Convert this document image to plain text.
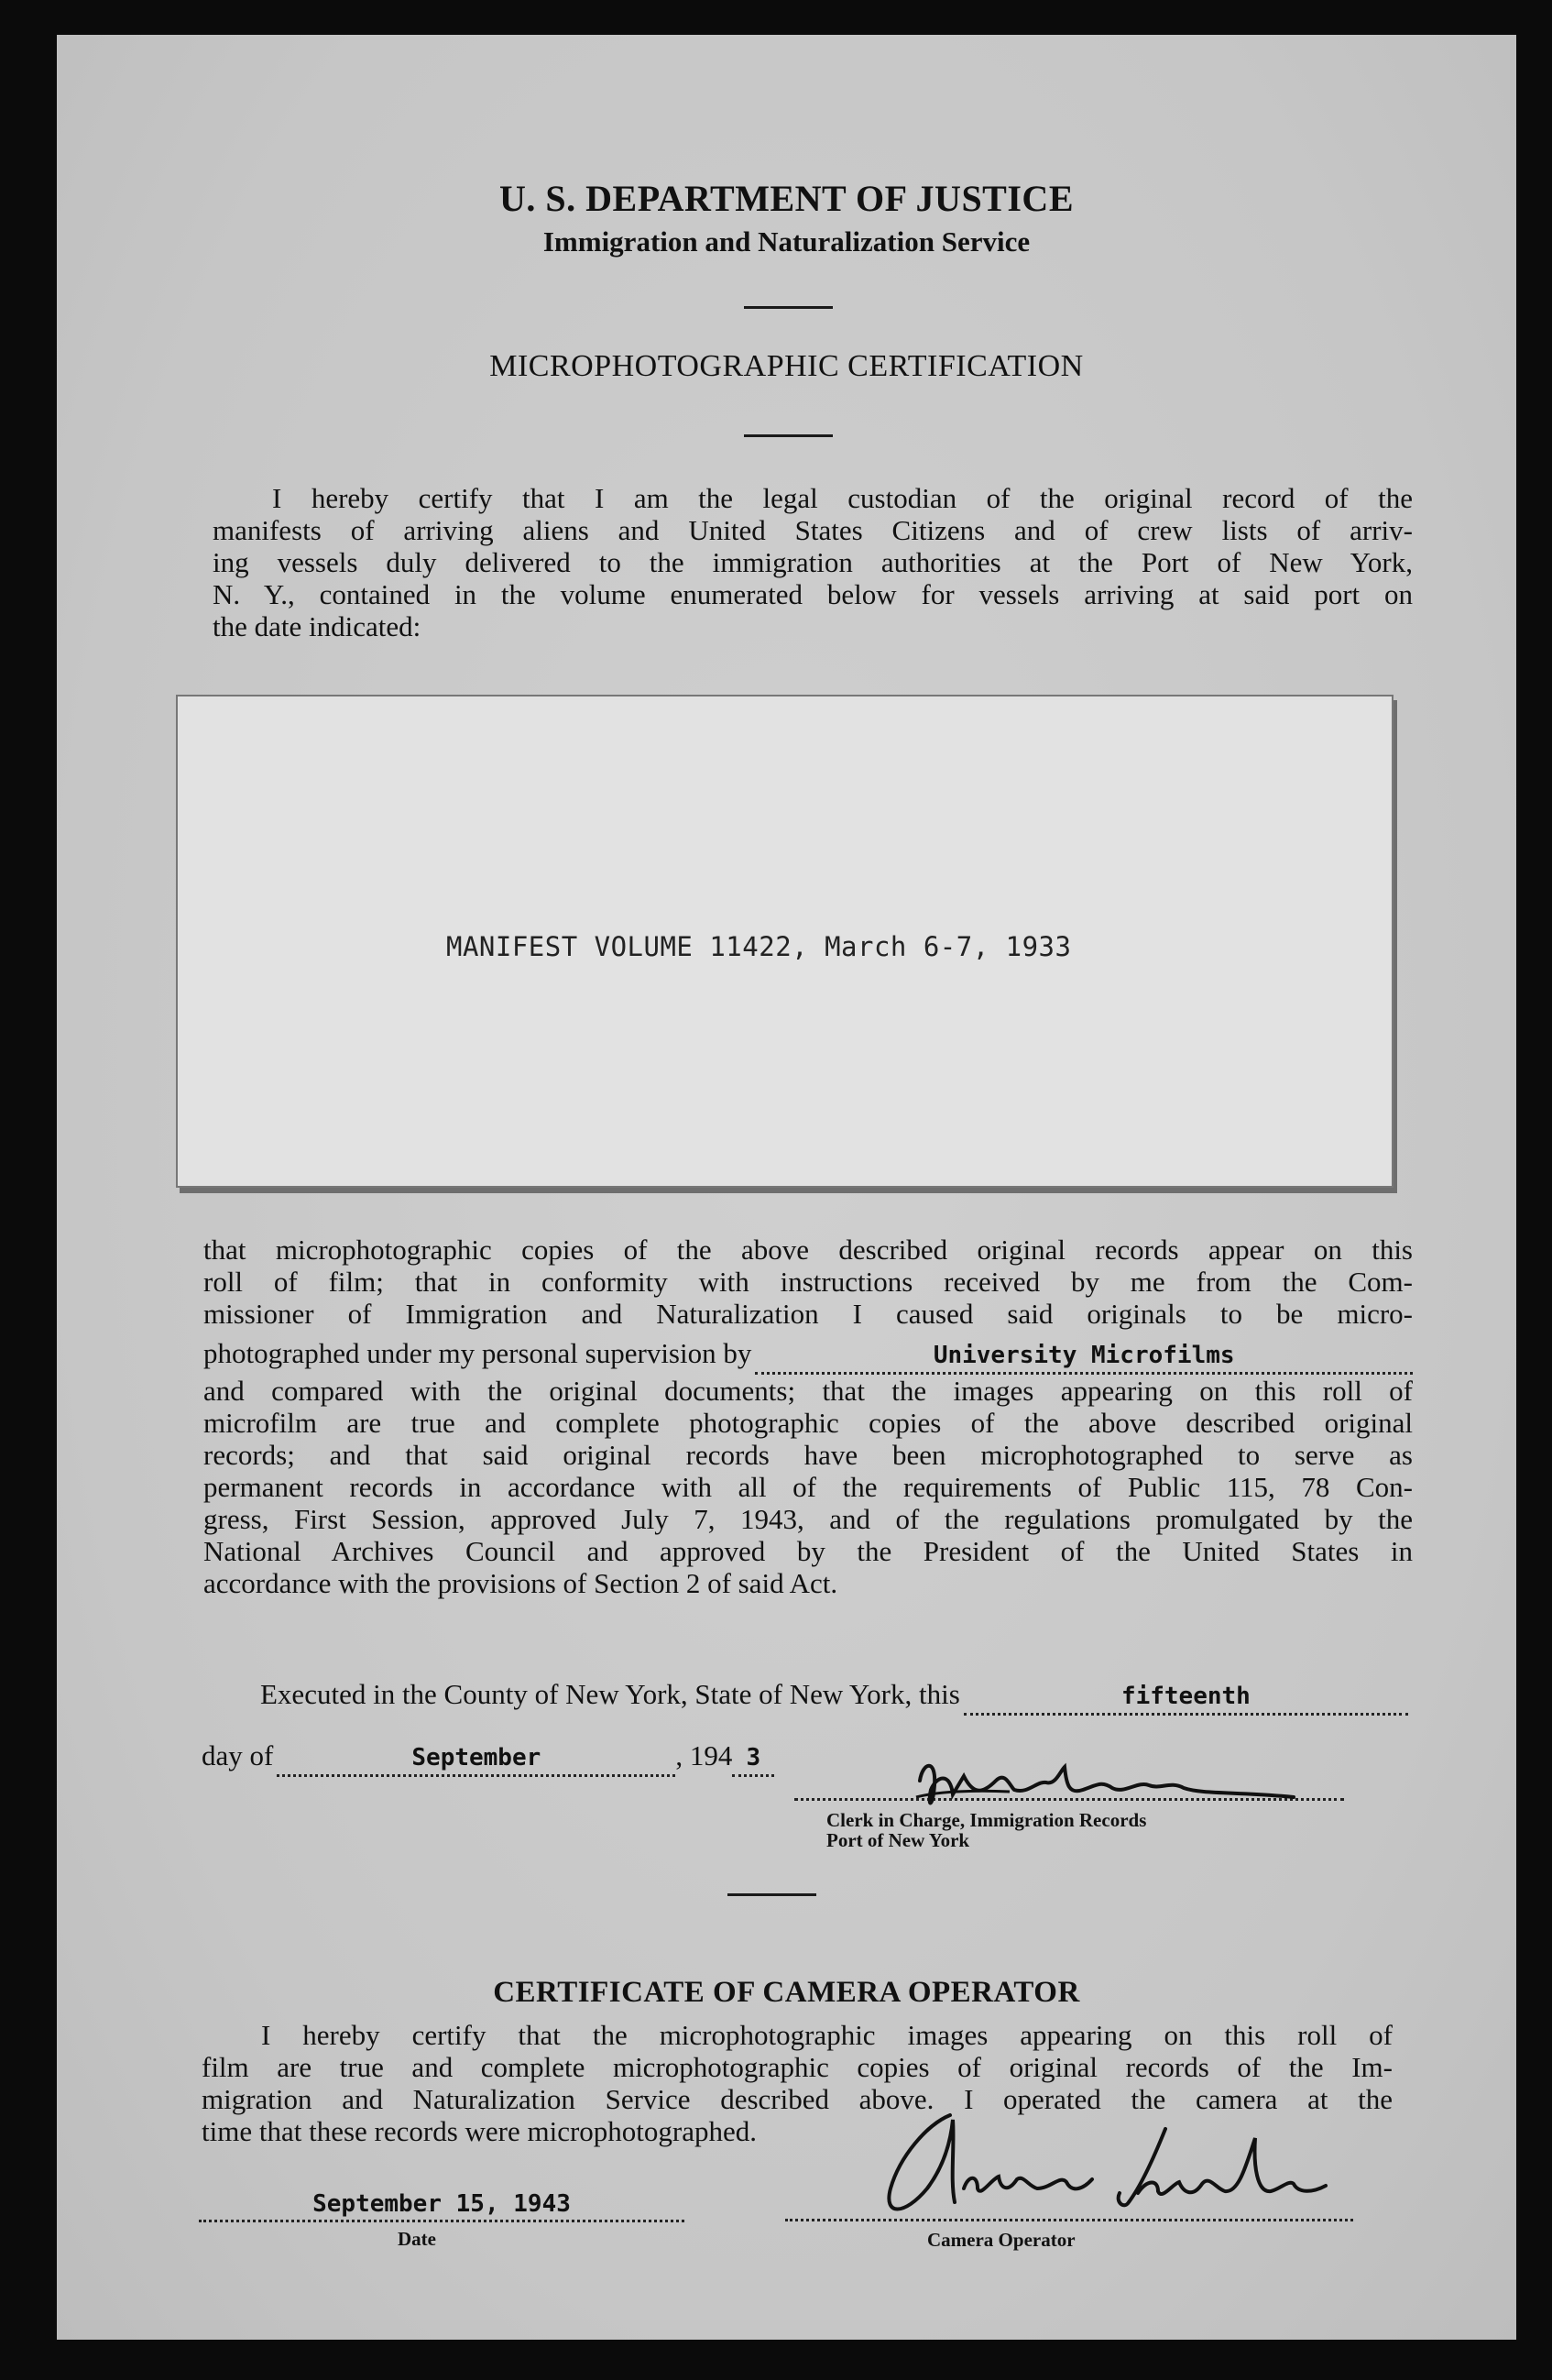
U. S. DEPARTMENT OF JUSTICE
Immigration and Naturalization Service
MICROPHOTOGRAPHIC CERTIFICATION

I hereby certify that I am the legal custodian of the original record of the

manifests of arriving aliens and United States Citizens and of crew lists of arriv-

ing vessels duly delivered to the immigration authorities at the Port of New York,

N. Y., contained in the volume enumerated below for vessels arriving at said port on

the date indicated:

MANIFEST VOLUME 11422, March 6-7, 1933

that microphotographic copies of the above described original records appear on this

roll of film; that in conformity with instructions received by me from the Com-

missioner of Immigration and Naturalization I caused said originals to be micro-

photographed under my personal supervision by	University Microfilms

and compared with the original documents; that the images appearing on this roll of

microfilm are true and complete photographic copies of the above described original

records; and that said original records have been microphotographed to serve as

permanent records in accordance with all of the requirements of Public 115, 78 Con-

gress, First Session, approved July 7, 1943, and of the regulations promulgated by the

National Archives Council and approved by the President of the United States in

accordance with the provisions of Section 2 of said Act.

Executed in the County of New York, State of New York, this	fifteenth
day of	September	, 194 3
Clerk in Charge, Immigration Records
Port of New York
CERTIFICATE OF CAMERA OPERATOR

I hereby certify that the microphotographic images appearing on this roll of

film are true and complete microphotographic copies of original records of the Im-

migration and Naturalization Service described above. I operated the camera at the

time that these records were microphotographed.

September 15, 1943
Date	Camera Operator
